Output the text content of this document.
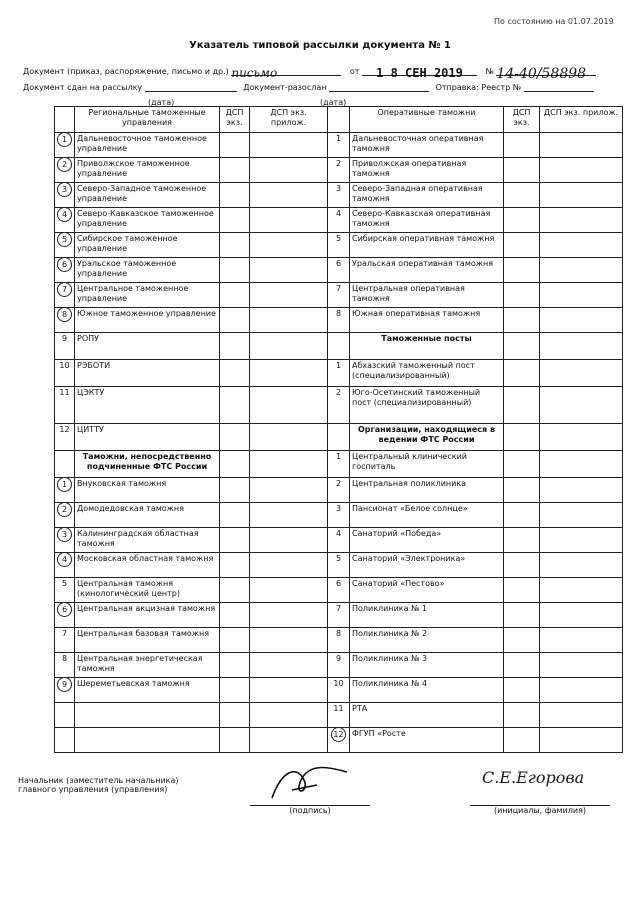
По состоянию на 01.07.2019
Указатель типовой рассылки документа № 1
Документ (приказ, распоряжение, письмо и др.) письмо	от 1 8 СЕН 2019	№ 14-40/58898
Документ сдан на рассылку	Документ-разослан	Отправка: Реестр №
(дата)	(дата)
	Региональные таможенные управления	ДСП экз.	ДСП экз. прилож.		Оперативные таможни	ДСП экз.	ДСП экз. прилож.
1	Дальневосточное таможенное управление			1	Дальневосточная оперативная таможня		
2	Приволжское таможенное управление			2	Приволжская оперативная таможня		
3	Северо-Западное таможенное управление			3	Северо-Западная оперативная таможня		
4	Северо-Кавказское таможенное управление			4	Северо-Кавказская оперативная таможня		
5	Сибирское таможенное управление			5	Сибирская оперативная таможня		
6	Уральское таможенное управление			6	Уральская оперативная таможня		
7	Центральное таможенное управление			7	Центральная оперативная таможня		
8	Южное таможенное управление			8	Южная оперативная таможня		
9	РОПУ				Таможенные посты		
10	РЭБОТИ			1	Абхазский таможенный пост (специализированный)		
11	ЦЭКТУ			2	Юго-Осетинский таможенный пост (специализированный)		
12	ЦИТТУ				Организации, находящиеся в ведении ФТС России		
	Таможни, непосредственно подчиненные ФТС России			1	Центральный клинический госпиталь		
1	Внуковская таможня			2	Центральная поликлиника		
2	Домодедовская таможня			3	Пансионат «Белое солнце»		
3	Калининградская областная таможня			4	Санаторий «Победа»		
4	Московская областная таможня			5	Санаторий «Электроника»		
5	Центральная таможня (кинологический центр)			6	Санаторий «Пестово»		
6	Центральная акцизная таможня			7	Поликлиника № 1		
7	Центральная базовая таможня			8	Поликлиника № 2		
8	Центральная энергетическая таможня			9	Поликлиника № 3		
9	Шереметьевская таможня			10	Поликлиника № 4		
				11	РТА		
				12	ФГУП «Росте		
Начальник (заместитель начальника)
главного управления (управления)
(подпись)
С.Е.Егорова
(инициалы, фамилия)
